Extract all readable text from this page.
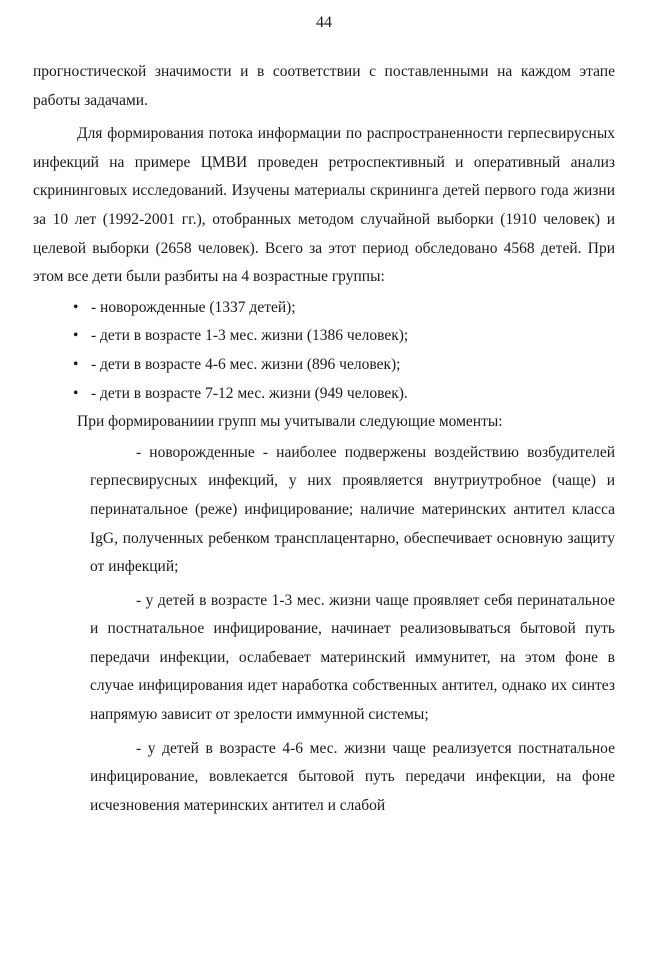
44

прогностической значимости и в соответствии с поставленными на каждом этапе работы задачами.

Для формирования потока информации по распространенности герпесвирусных инфекций на примере ЦМВИ проведен ретроспективный и оперативный анализ скрининговых исследований. Изучены материалы скрининга детей первого года жизни за 10 лет (1992-2001 гг.), отобранных методом случайной выборки (1910 человек) и целевой выборки (2658 человек). Всего за этот период обследовано 4568 детей. При этом все дети были разбиты на 4 возрастные группы:

• - новорожденные (1337 детей);
• - дети в возрасте 1-3 мес. жизни (1386 человек);
• - дети в возрасте 4-6 мес. жизни (896 человек);
• - дети в возрасте 7-12 мес. жизни (949 человек).

При формированиии групп мы учитывали следующие моменты:

- новорожденные - наиболее подвержены воздействию возбудителей герпесвирусных инфекций, у них проявляется внутриутробное (чаще) и перинатальное (реже) инфицирование; наличие материнских антител класса IgG, полученных ребенком трансплацентарно, обеспечивает основную защиту от инфекций;

- у детей в возрасте 1-3 мес. жизни чаще проявляет себя перинатальное и постнатальное инфицирование, начинает реализовываться бытовой путь передачи инфекции, ослабевает материнский иммунитет, на этом фоне в случае инфицирования идет наработка собственных антител, однако их синтез напрямую зависит от зрелости иммунной системы;

- у детей в возрасте 4-6 мес. жизни чаще реализуется постнатальное инфицирование, вовлекается бытовой путь передачи инфекции, на фоне исчезновения материнских антител и слабой
